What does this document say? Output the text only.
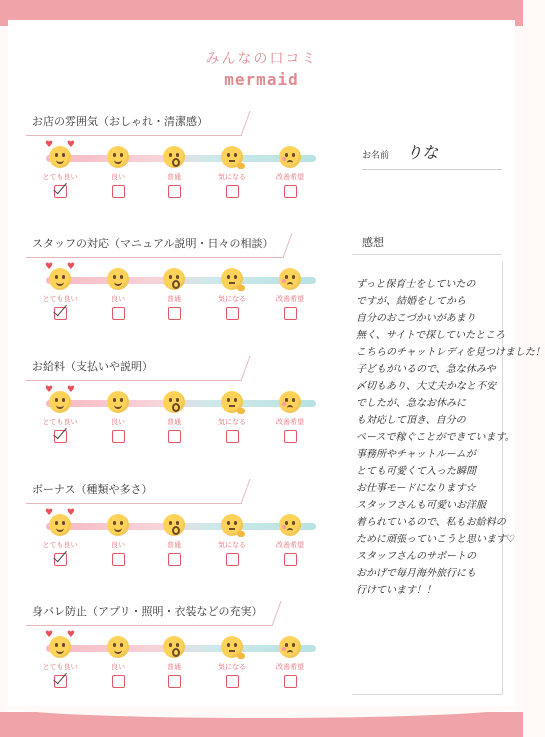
みんなの口コミ
mermaid
お店の雰囲気（おしゃれ・清潔感）
♥
♥
とても良い	良い	普通	気になる	改善希望
スタッフの対応（マニュアル説明・日々の相談）
♥
♥
とても良い	良い	普通	気になる	改善希望
お給料（支払いや説明）
♥
♥
とても良い	良い	普通	気になる	改善希望
ボーナス（種類や多さ）
♥
♥
とても良い	良い	普通	気になる	改善希望
身バレ防止（アプリ・照明・衣装などの充実）
♥
♥
とても良い	良い	普通	気になる	改善希望
お名前 りな
感想
ずっと保育士をしていたの
ですが、結婚をしてから
自分のおこづかいがあまり
無く、サイトで探していたところ
こちらのチャットレディを見つけました！
子どもがいるので、急な休みや
〆切もあり、大丈夫かなと不安
でしたが、急なお休みに
も対応して頂き、自分の
ペースで稼ぐことができています。
事務所やチャットルームが
とても可愛くて入った瞬間
お仕事モードになります☆
スタッフさんも可愛いお洋服
着られているので、私もお給料の
ために頑張っていこうと思います♡
スタッフさんのサポートの
おかげで毎月海外旅行にも
行けています！！
